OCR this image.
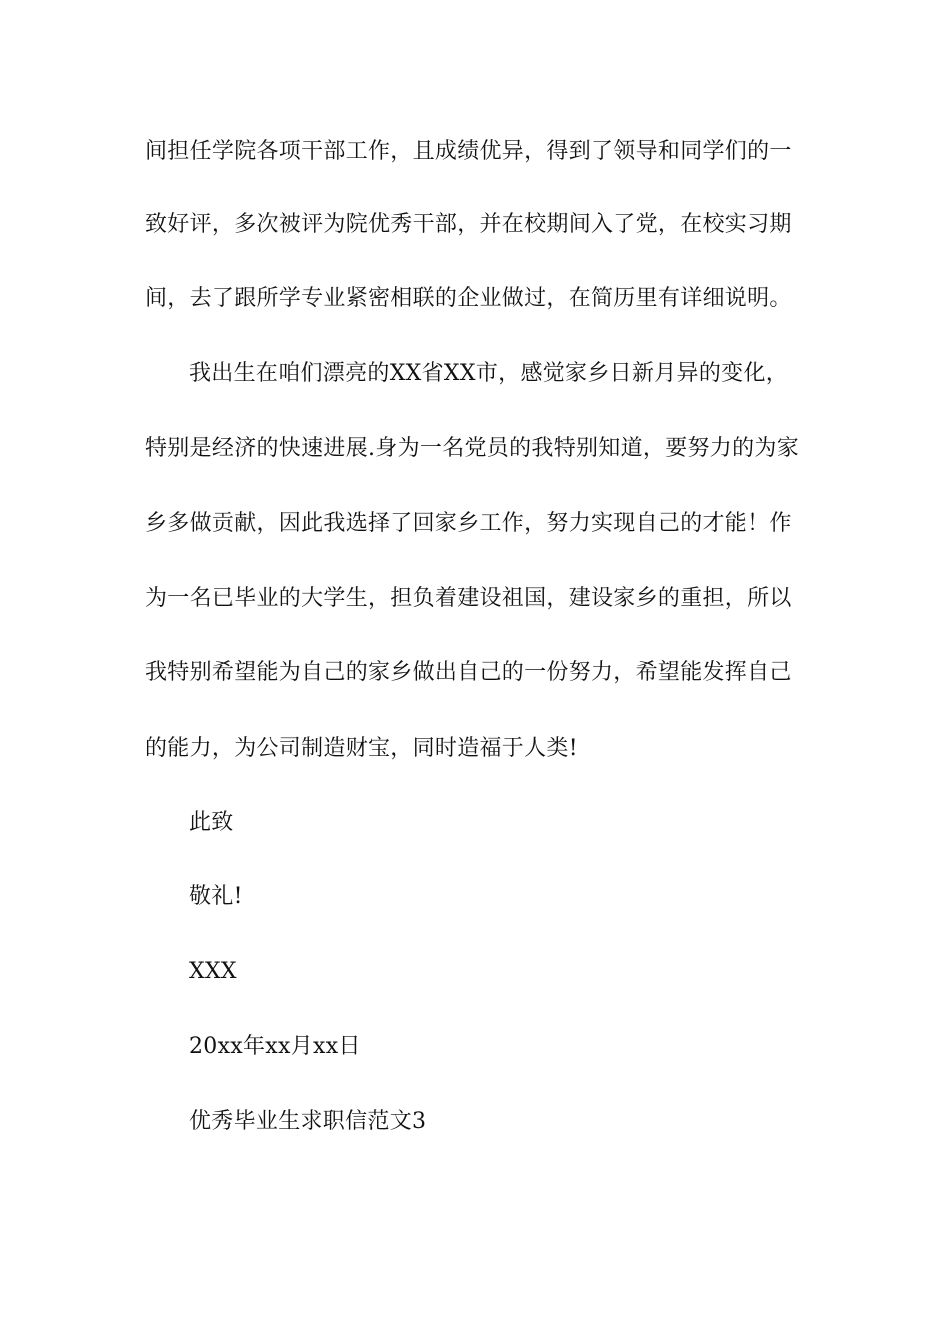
间担任学院各项干部工作，且成绩优异，得到了领导和同学们的一
致好评，多次被评为院优秀干部，并在校期间入了党，在校实习期
间，去了跟所学专业紧密相联的企业做过，在简历里有详细说明。
我出生在咱们漂亮的XX省XX市，感觉家乡日新月异的变化，
特别是经济的快速进展.身为一名党员的我特别知道，要努力的为家
乡多做贡献，因此我选择了回家乡工作，努力实现自己的才能！作
为一名已毕业的大学生，担负着建设祖国，建设家乡的重担，所以
我特别希望能为自己的家乡做出自己的一份努力，希望能发挥自己
的能力，为公司制造财宝，同时造福于人类!
此致
敬礼!
XXX
20xx年xx月xx日
优秀毕业生求职信范文3
